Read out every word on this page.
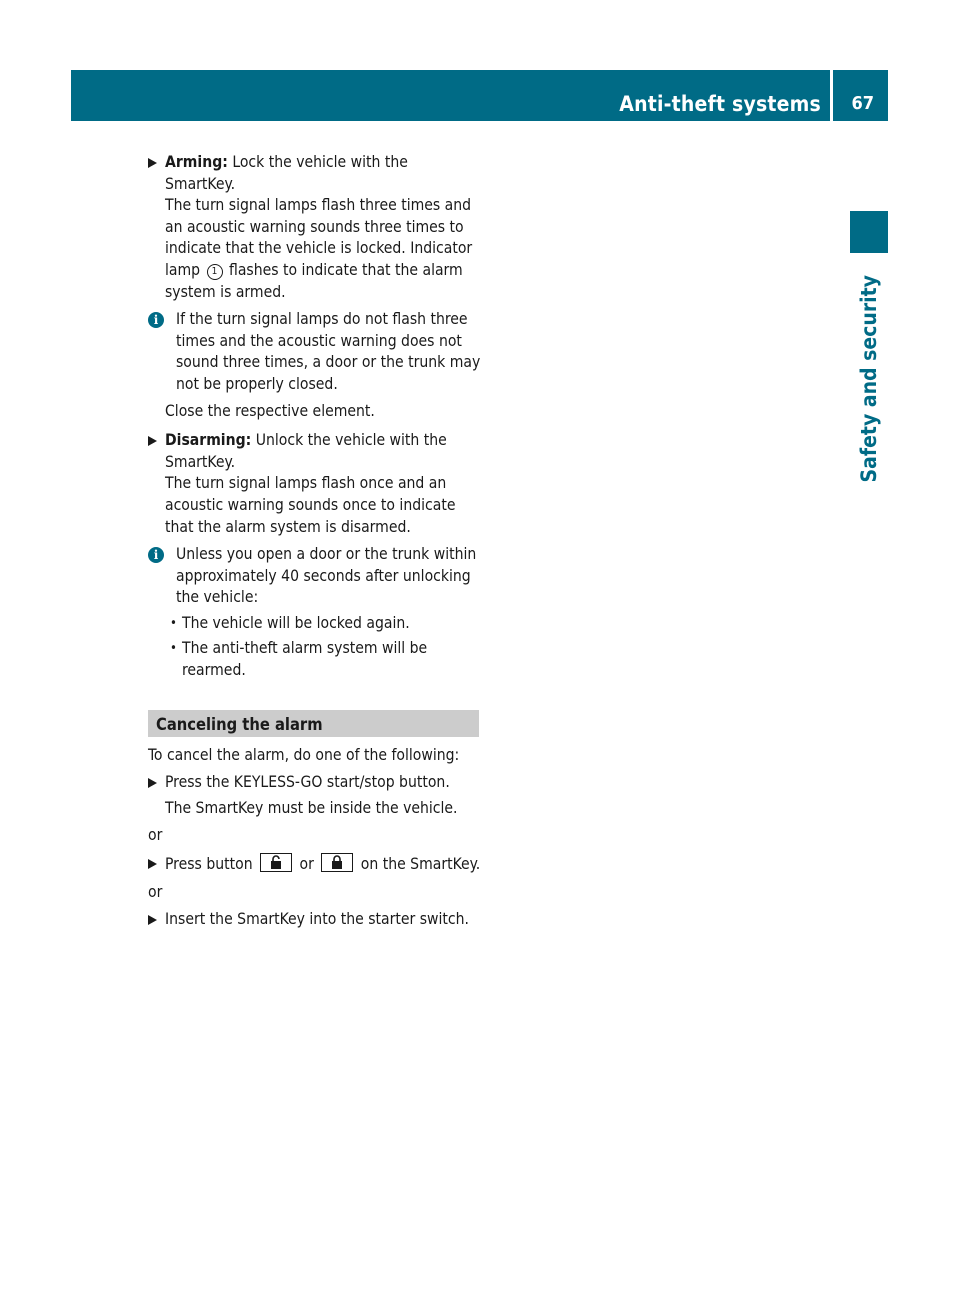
Anti-theft systems 67
Safety and security
Arming: Lock the vehicle with the SmartKey.
The turn signal lamps flash three times and an acoustic warning sounds three times to indicate that the vehicle is locked. Indicator lamp 1 flashes to indicate that the alarm system is armed.
i	If the turn signal lamps do not flash three times and the acoustic warning does not sound three times, a door or the trunk may not be properly closed.

Close the respective element.

Disarming: Unlock the vehicle with the SmartKey.
The turn signal lamps flash once and an acoustic warning sounds once to indicate that the alarm system is disarmed.
i	Unless you open a door or the trunk within approximately 40 seconds after unlocking the vehicle:

• The vehicle will be locked again.
• The anti-theft alarm system will be rearmed.
Canceling the alarm
To cancel the alarm, do one of the following:
Press the KEYLESS-GO start/stop button.
The SmartKey must be inside the vehicle.
or
Press button
or
on the SmartKey.
or
Insert the SmartKey into the starter switch.
